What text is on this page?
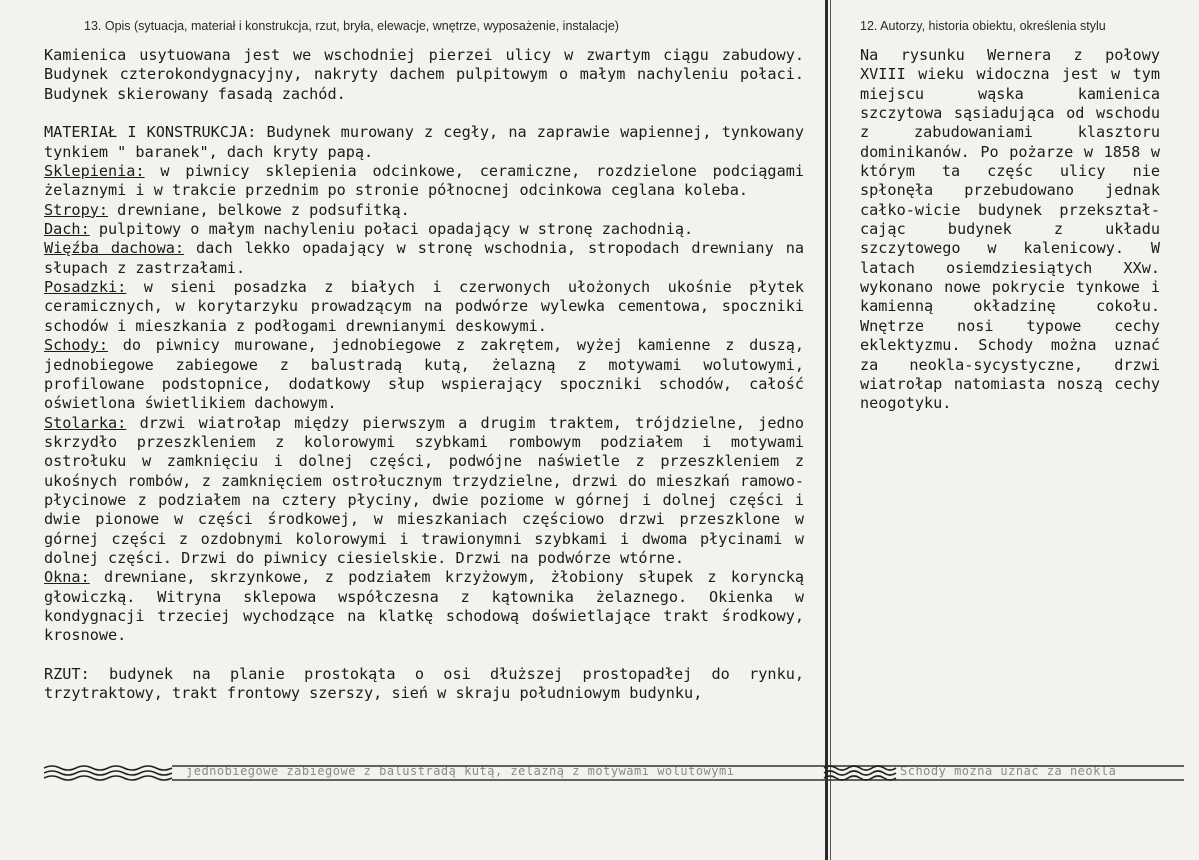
13. Opis (sytuacja, materiał i konstrukcja, rzut, bryła, elewacje, wnętrze, wyposażenie, instalacje)	12. Autorzy, historia obiektu, określenia stylu

Kamienica usytuowana jest we wschodniej pierzei ulicy w zwartym ciągu zabudowy. Budynek czterokondygnacyjny, nakryty dachem pulpitowym o małym nachyleniu połaci. Budynek skierowany fasadą zachód.

MATERIAŁ I KONSTRUKCJA: Budynek murowany z cegły, na zaprawie wapiennej, tynkowany tynkiem " baranek", dach kryty papą.

Sklepienia: w piwnicy sklepienia odcinkowe, ceramiczne, rozdzielone podciągami żelaznymi i w trakcie przednim po stronie północnej odcinkowa ceglana koleba.

Stropy: drewniane, belkowe z podsufitką.

Dach: pulpitowy o małym nachyleniu połaci opadający w stronę zachodnią.

Więźba dachowa: dach lekko opadający w stronę wschodnia, stropodach drewniany na słupach z zastrzałami.

Posadzki: w sieni posadzka z białych i czerwonych ułożonych ukośnie płytek ceramicznych, w korytarzyku prowadzącym na podwórze wylewka cementowa, spoczniki schodów i mieszkania z podłogami drewnianymi deskowymi.

Schody: do piwnicy murowane, jednobiegowe z zakrętem, wyżej kamienne z duszą, jednobiegowe zabiegowe z balustradą kutą, żelazną z motywami wolutowymi, profilowane podstopnice, dodatkowy słup wspierający spoczniki schodów, całość oświetlona świetlikiem dachowym.

Stolarka: drzwi wiatrołap między pierwszym a drugim traktem, trójdzielne, jedno skrzydło przeszkleniem z kolorowymi szybkami rombowym podziałem i motywami ostrołuku w zamknięciu i dolnej części, podwójne naświetle z przeszkleniem z ukośnych rombów, z zamknięciem ostrołucznym trzydzielne, drzwi do mieszkań ramowo- płycinowe z podziałem na cztery płyciny, dwie poziome w górnej i dolnej części i dwie pionowe w części środkowej, w mieszkaniach częściowo drzwi przeszklone w górnej części z ozdobnymi kolorowymi i trawionymni szybkami i dwoma płycinami w dolnej części. Drzwi do piwnicy ciesielskie. Drzwi na podwórze wtórne.

Okna: drewniane, skrzynkowe, z podziałem krzyżowym, żłobiony słupek z koryncką głowiczką. Witryna sklepowa współczesna z kątownika żelaznego. Okienka w kondygnacji trzeciej wychodzące na klatkę schodową doświetlające trakt środkowy, krosnowe.

RZUT: budynek na planie prostokąta o osi dłuższej prostopadłej do rynku, trzytraktowy, trakt frontowy szerszy, sień w skraju południowym budynku,

Na rysunku Wernera z połowy XVIII wieku widoczna jest w tym miejscu wąska kamienica szczytowa sąsiadująca od wschodu z zabudowaniami klasztoru dominikanów. Po pożarze w 1858 w którym ta częśc ulicy nie spłonęła przebudowano jednak całko-wicie budynek przekształ-cając budynek z układu szczytowego w kalenicowy. W latach osiemdziesiątych XXw. wykonano nowe pokrycie tynkowe i kamienną okładzinę cokołu. Wnętrze nosi typowe cechy eklektyzmu. Schody można uznać za neokla-sycystyczne, drzwi wiatrołap natomiasta noszą cechy neogotyku.

jednobiegowe zabiegowe z balustradą kutą, żelazną z motywami wolutowymi	Schody można uznać za neokla
